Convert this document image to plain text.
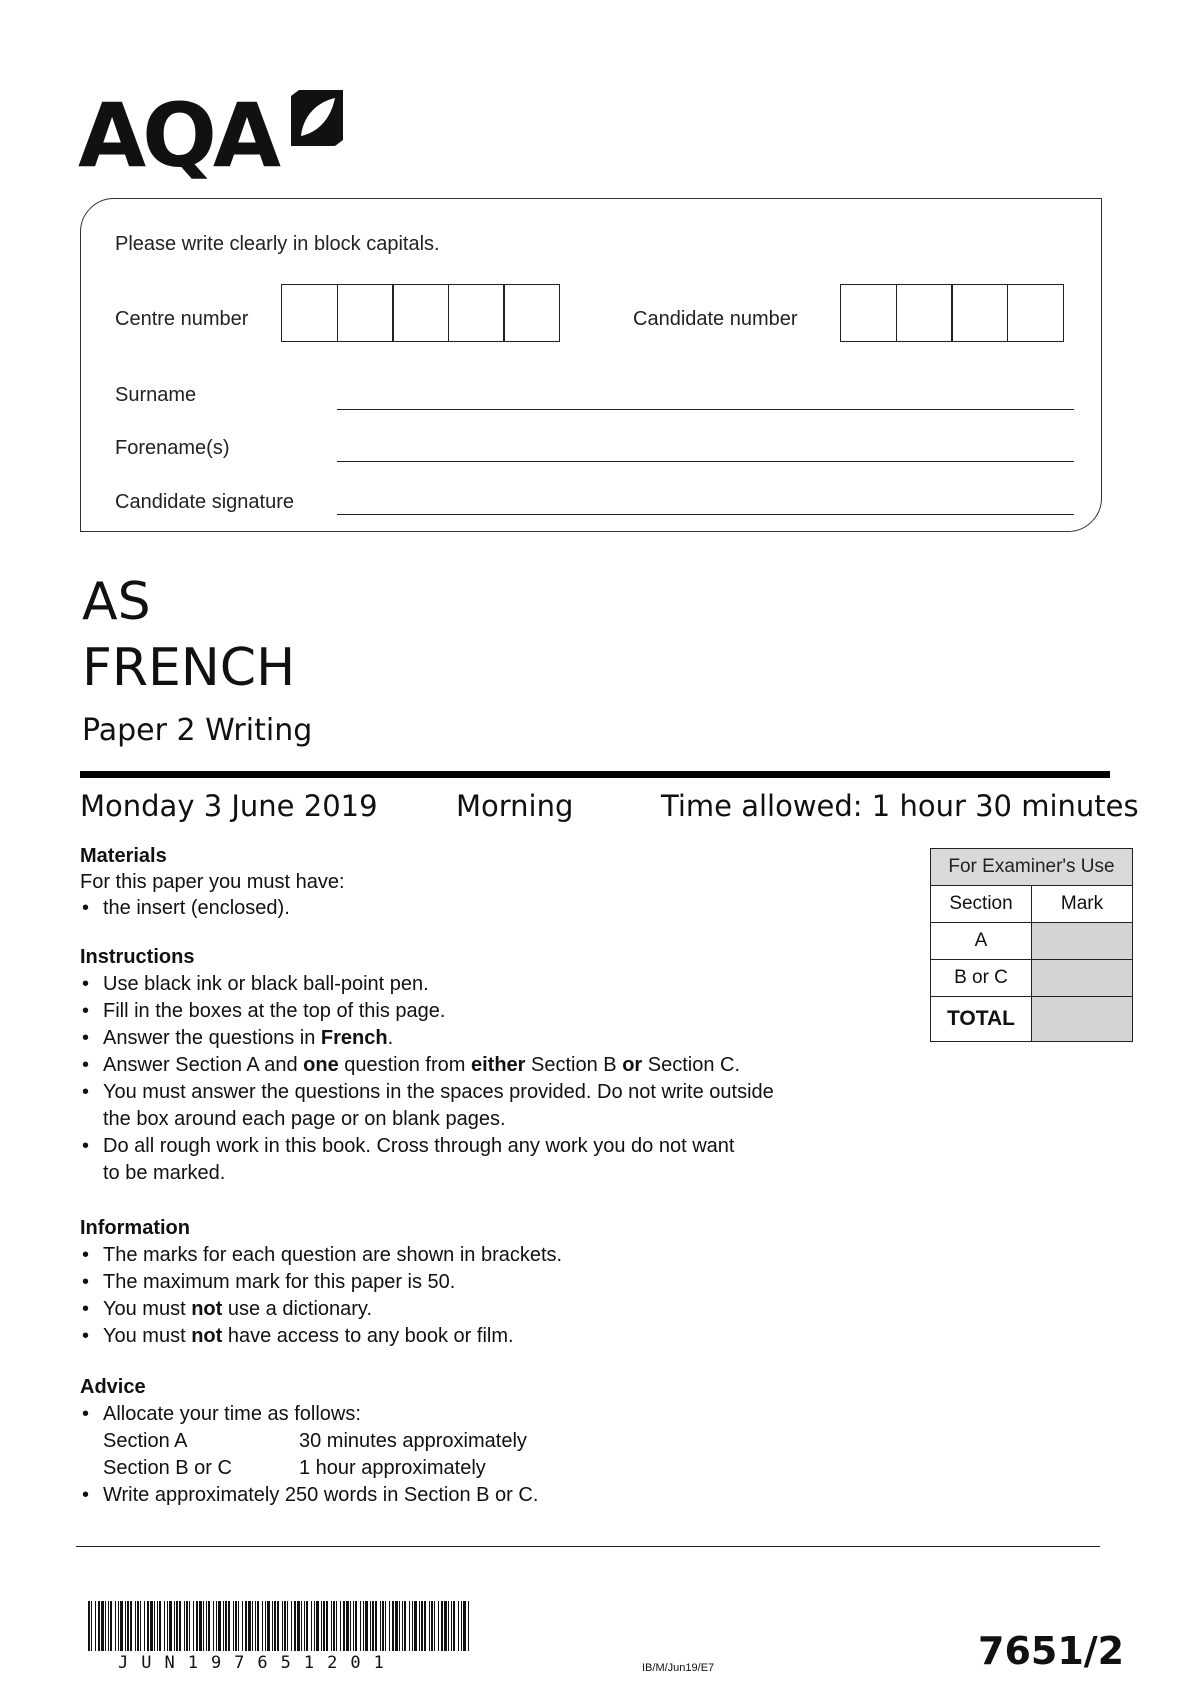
AQA
Please write clearly in block capitals.
Centre number	Candidate number
Surname
Forename(s)
Candidate signature
AS
FRENCH
Paper 2 Writing
Monday 3 June 2019	Morning	Time allowed: 1 hour 30 minutes
Materials
For this paper you must have:
• the insert (enclosed).
Instructions
• Use black ink or black ball-point pen.
• Fill in the boxes at the top of this page.
• Answer the questions in French.
• Answer Section A and one question from either Section B or Section C.
• You must answer the questions in the spaces provided. Do not write outside
the box around each page or on blank pages.
• Do all rough work in this book. Cross through any work you do not want
to be marked.
Information
• The marks for each question are shown in brackets.
• The maximum mark for this paper is 50.
• You must not use a dictionary.
• You must not have access to any book or film.
Advice
• Allocate your time as follows:
Section A	30 minutes approximately
Section B or C	1 hour approximately
• Write approximately 250 words in Section B or C.
For Examiner's Use	
Section	Mark
A	
B or C	
TOTAL	
JUN197651201	IB/M/Jun19/E7	7651/2
